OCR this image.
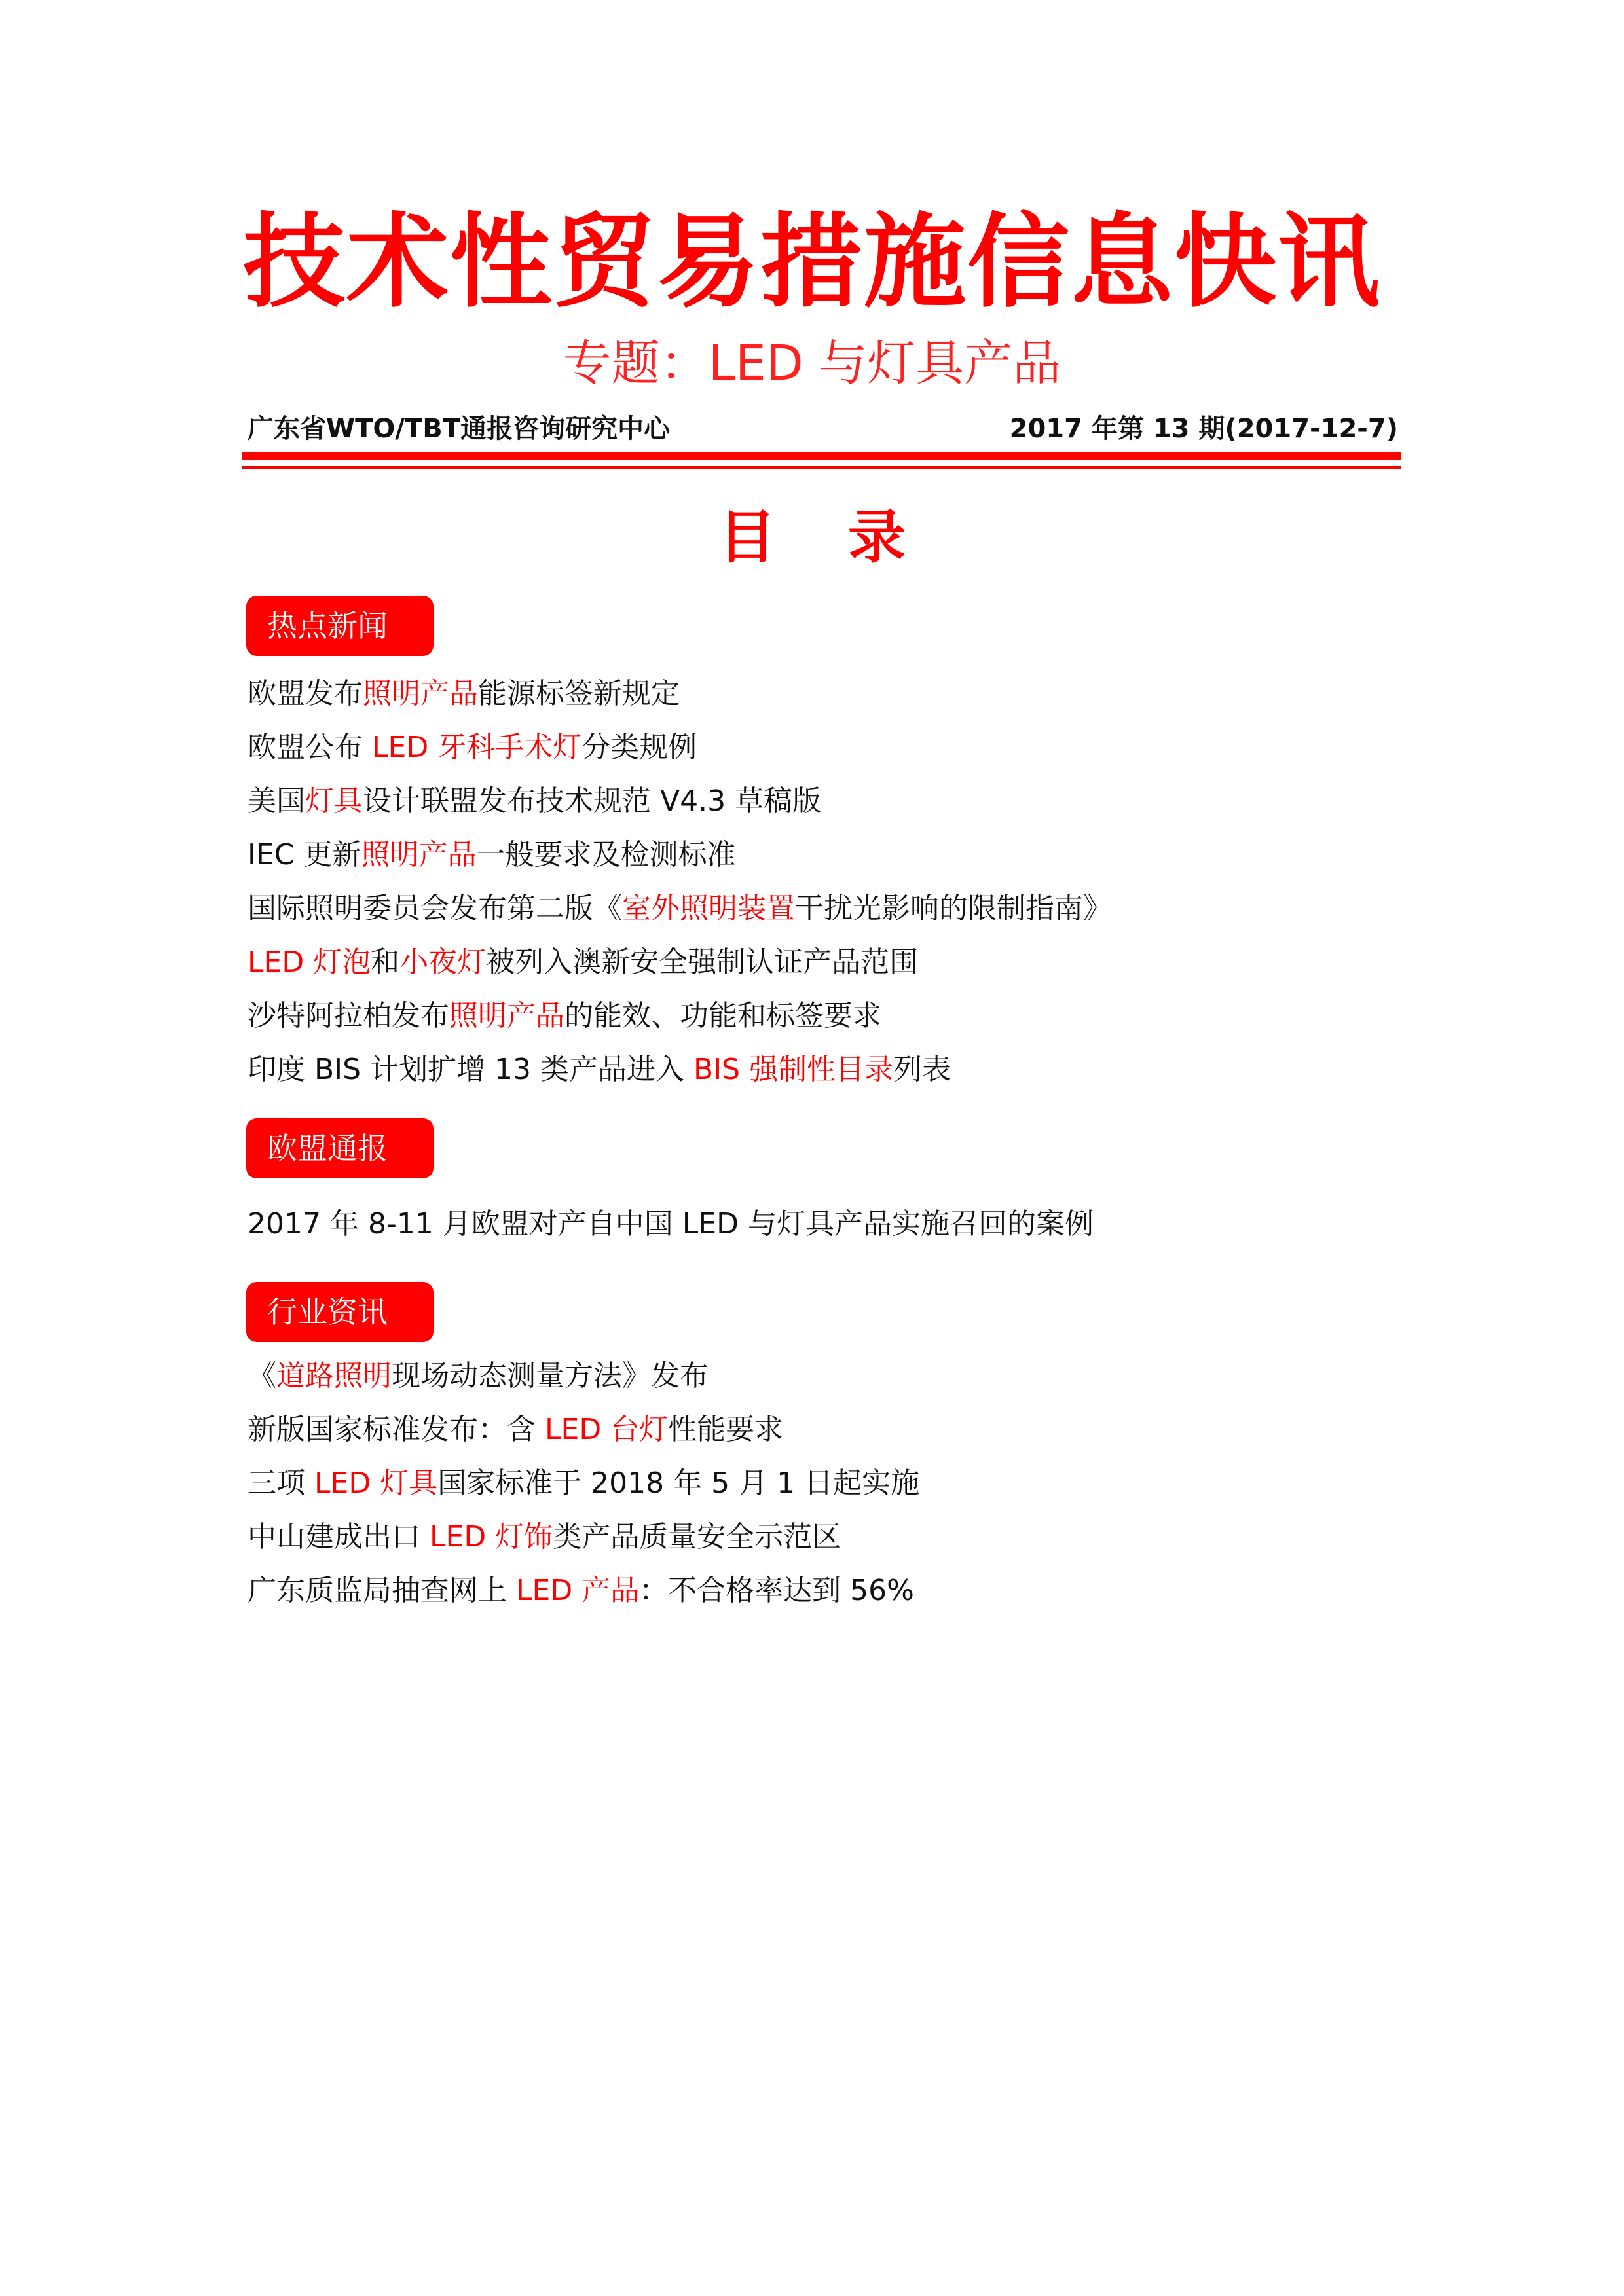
技术性贸易措施信息快讯
专题：LED 与灯具产品
广东省WTO/TBT通报咨询研究中心	2017 年第 13 期(2017-12-7)
目 录
热点新闻
欧盟发布照明产品能源标签新规定
欧盟公布 LED 牙科手术灯分类规例
美国灯具设计联盟发布技术规范 V4.3 草稿版
IEC 更新照明产品一般要求及检测标准
国际照明委员会发布第二版《室外照明装置干扰光影响的限制指南》
LED 灯泡和小夜灯被列入澳新安全强制认证产品范围
沙特阿拉柏发布照明产品的能效、功能和标签要求
印度 BIS 计划扩增 13 类产品进入 BIS 强制性目录列表
欧盟通报
2017 年 8-11 月欧盟对产自中国 LED 与灯具产品实施召回的案例
行业资讯
《道路照明现场动态测量方法》发布
新版国家标准发布：含 LED 台灯性能要求
三项 LED 灯具国家标准于 2018 年 5 月 1 日起实施
中山建成出口 LED 灯饰类产品质量安全示范区
广东质监局抽查网上 LED 产品：不合格率达到 56%
